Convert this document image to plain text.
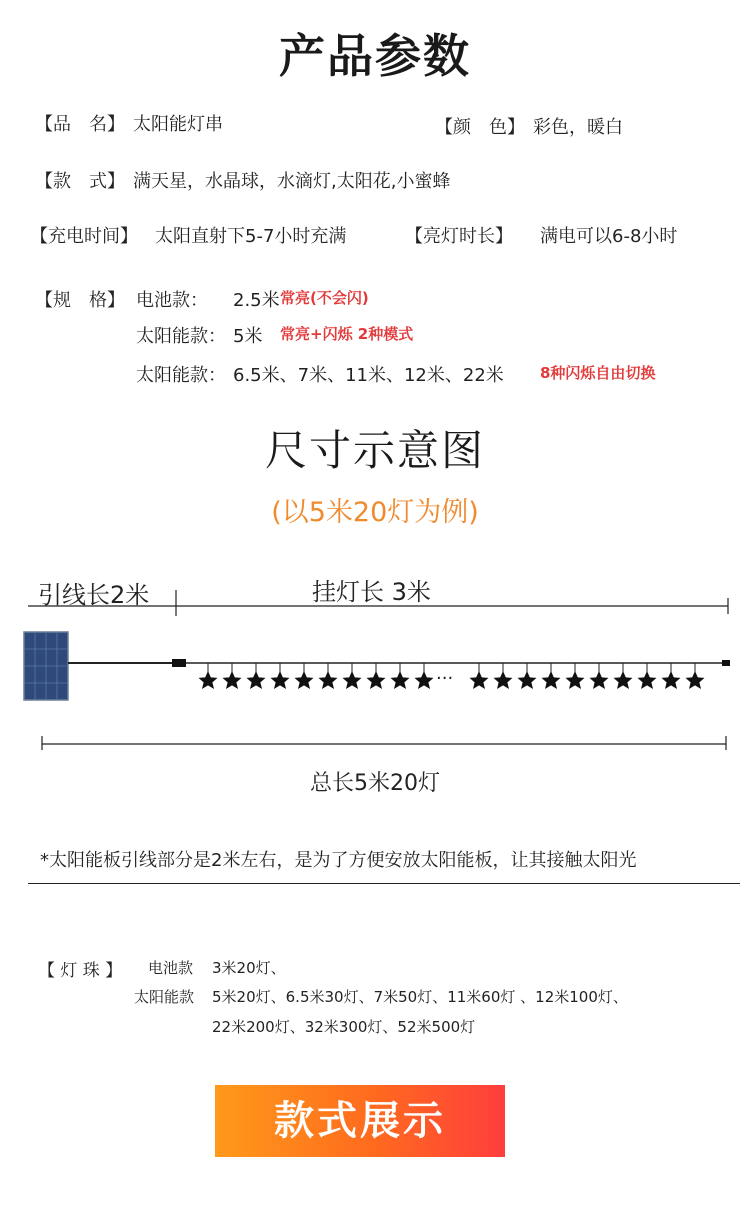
产品参数
【品　名】 太阳能灯串	【颜　色】 彩色，暖白
【款　式】 满天星，水晶球，水滴灯,太阳花,小蜜蜂
【充电时间】 太阳直射下5-7小时充满	【亮灯时长】 满电可以6-8小时
【规　格】 电池款： 2.5米 常亮(不会闪)
太阳能款： 5米 常亮+闪烁 2种模式
太阳能款： 6.5米、7米、11米、12米、22米 8种闪烁自由切换
尺寸示意图
(以5米20灯为例)
引线长2米	挂灯长 3米
···
总长5米20灯
*太阳能板引线部分是2米左右，是为了方便安放太阳能板，让其接触太阳光
【 灯 珠 】 电池款 3米20灯、
太阳能款 5米20灯、6.5米30灯、7米50灯、11米60灯 、12米100灯、
22米200灯、32米300灯、52米500灯
款式展示
